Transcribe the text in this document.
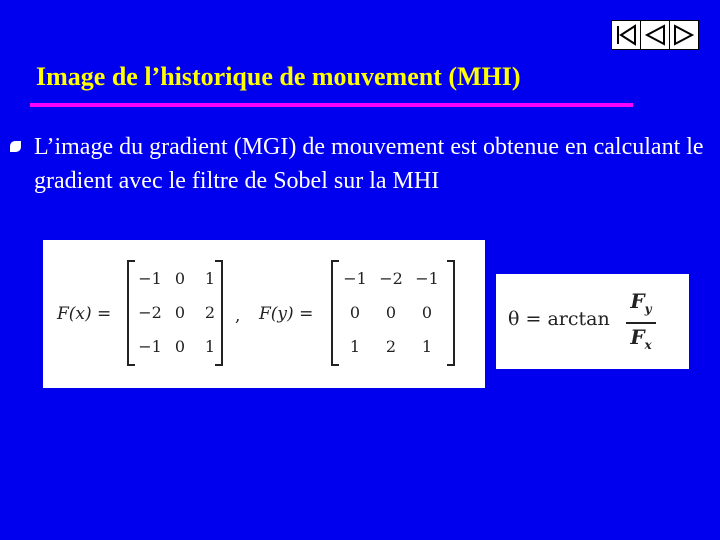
Image de l’historique de mouvement (MHI)
L’image du gradient (MGI) de mouvement est obtenue en calculant le gradient avec le filtre de Sobel sur la MHI
F(x) =
−1 0	1
−2 0	2
−1 0	1
, F(y) =
−1 −2 −1
0	0	0
1	2	1
θ = arctan
$F_y$
$F_x$
